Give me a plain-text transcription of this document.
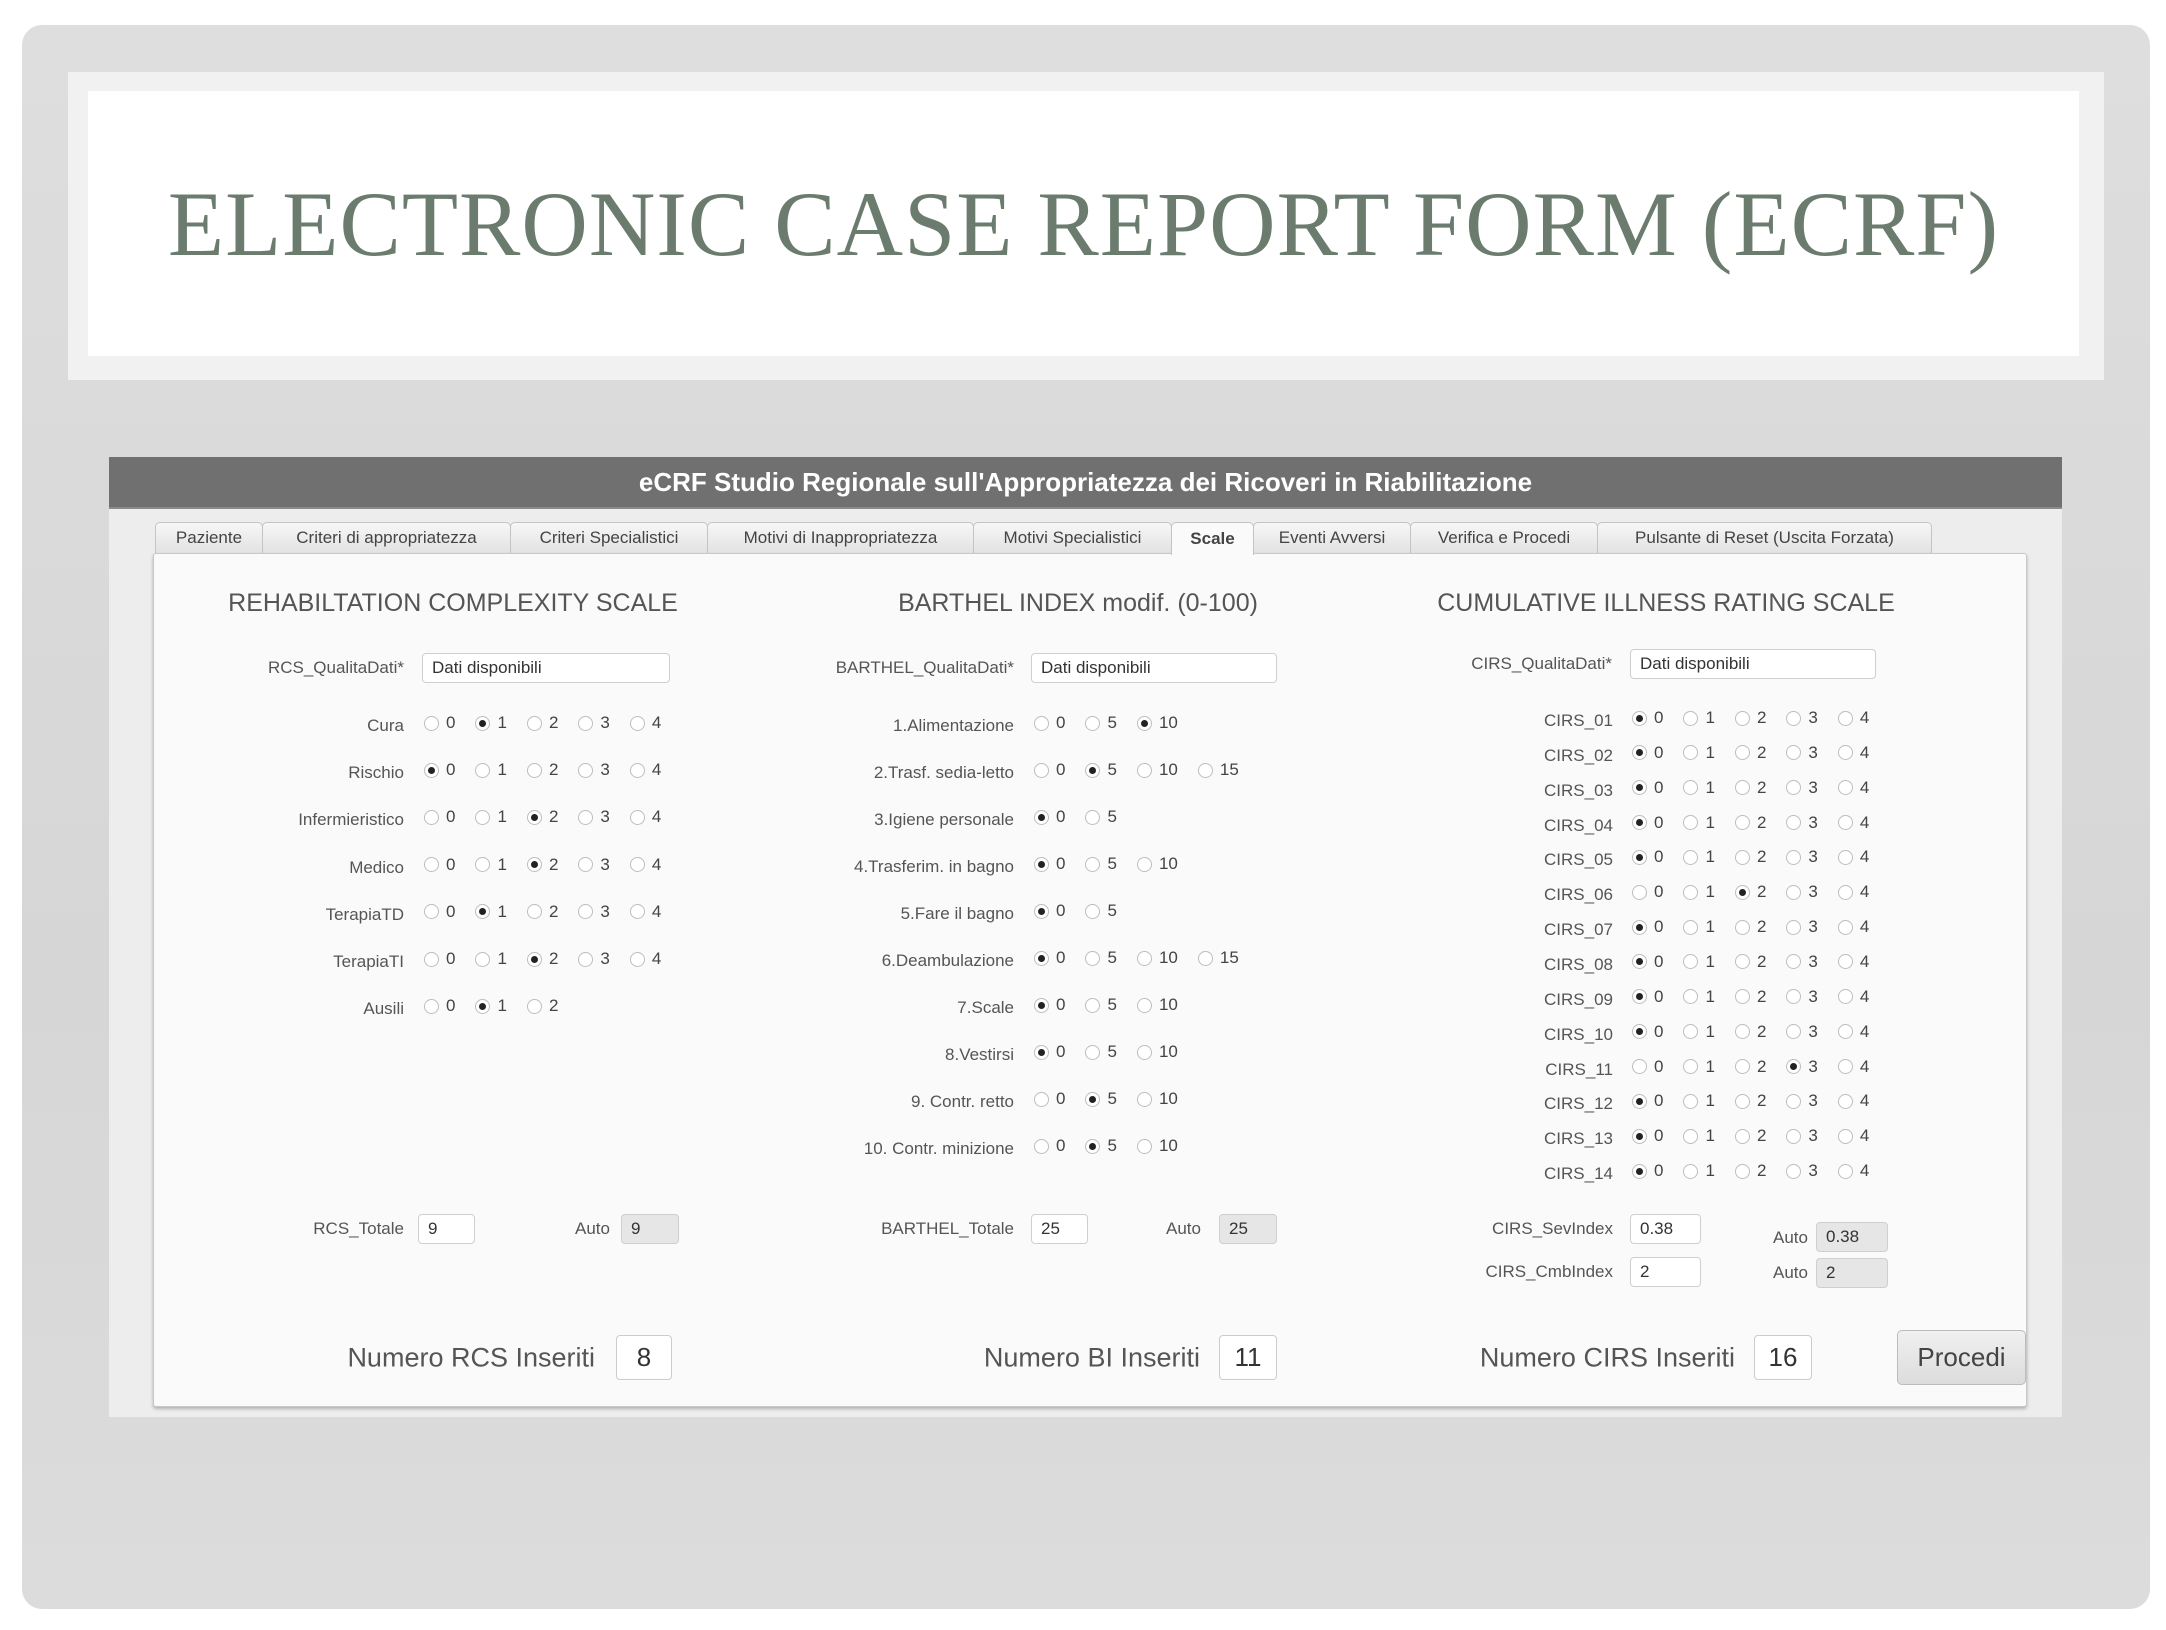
ELECTRONIC CASE REPORT FORM (ECRF)
eCRF Studio Regionale sull'Appropriatezza dei Ricoveri in Riabilitazione
Paziente	Criteri di appropriatezza	Criteri Specialistici	Motivi di Inappropriatezza	Motivi Specialistici	Scale	Eventi Avversi	Verifica e Procedi	Pulsante di Reset (Uscita Forzata)
REHABILTATION COMPLEXITY SCALE	BARTHEL INDEX modif. (0-100)	CUMULATIVE ILLNESS RATING SCALE
RCS_QualitaDati*	Dati disponibili	BARTHEL_QualitaDati*	Dati disponibili	CIRS_QualitaDati*	Dati disponibili
Cura 0 1 2 3 4
Rischio 0 1 2 3 4
Infermieristico 0 1 2 3 4
Medico 0 1 2 3 4
TerapiaTD 0 1 2 3 4
TerapiaTI 0 1 2 3 4
Ausili 0 1 2
1.Alimentazione 0 5 10
2.Trasf. sedia-letto 0 5 10 15
3.Igiene personale 0 5
4.Trasferim. in bagno 0 5 10
5.Fare il bagno 0 5
6.Deambulazione 0 5 10 15
7.Scale 0 5 10
8.Vestirsi 0 5 10
9. Contr. retto 0 5 10
10. Contr. minizione 0 5 10
CIRS_01 0 1 2 3 4
CIRS_02 0 1 2 3 4
CIRS_03 0 1 2 3 4
CIRS_04 0 1 2 3 4
CIRS_05 0 1 2 3 4
CIRS_06 0 1 2 3 4
CIRS_07 0 1 2 3 4
CIRS_08 0 1 2 3 4
CIRS_09 0 1 2 3 4
CIRS_10 0 1 2 3 4
CIRS_11 0 1 2 3 4
CIRS_12 0 1 2 3 4
CIRS_13 0 1 2 3 4
CIRS_14 0 1 2 3 4
RCS_Totale	9	Auto	9	BARTHEL_Totale	25	Auto	25	CIRS_SevIndex	0.38	Auto	0.38
CIRS_CmbIndex	2	Auto	2
Numero RCS Inseriti	8	Numero BI Inseriti	11	Numero CIRS Inseriti	16	Procedi
